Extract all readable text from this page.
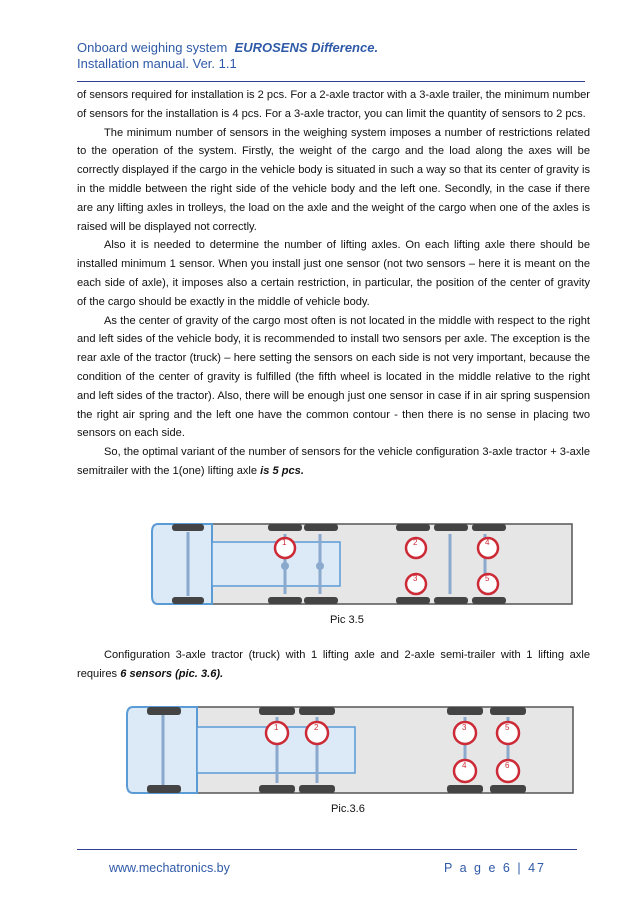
Onboard weighing system EUROSENS Difference.
Installation manual. Ver. 1.1

of sensors required for installation is 2 pcs. For a 2-axle tractor with a 3-axle trailer, the minimum number of sensors for the installation is 4 pcs. For a 3-axle tractor, you can limit the quantity of sensors to 2 pcs.

The minimum number of sensors in the weighing system imposes a number of restrictions related to the operation of the system. Firstly, the weight of the cargo and the load along the axes will be correctly displayed if the cargo in the vehicle body is situated in such a way so that its center of gravity is in the middle between the right side of the vehicle body and the left one. Secondly, in the case if there are any lifting axles in trolleys, the load on the axle and the weight of the cargo when one of the axles is raised will be displayed not correctly.

Also it is needed to determine the number of lifting axles. On each lifting axle there should be installed minimum 1 sensor. When you install just one sensor (not two sensors – here it is meant on the each side of axle), it imposes also a certain restriction, in particular, the position of the center of gravity of the cargo should be exactly in the middle of vehicle body.

As the center of gravity of the cargo most often is not located in the middle with respect to the right and left sides of the vehicle body, it is recommended to install two sensors per axle. The exception is the rear axle of the tractor (truck) – here setting the sensors on each side is not very important, because the condition of the center of gravity is fulfilled (the fifth wheel is located in the middle relative to the right and left sides of the tractor). Also, there will be enough just one sensor in case if in air spring suspension the right air spring and the left one have the common contour - then there is no sense in placing two sensors on each side.

So, the optimal variant of the number of sensors for the vehicle configuration 3-axle tractor + 3-axle semitrailer with the 1(one) lifting axle is 5 pcs.

1	2
3
4
5
Pic 3.5

Configuration 3-axle tractor (truck) with 1 lifting axle and 2-axle semi-trailer with 1 lifting axle requires 6 sensors (pic. 3.6).

1	2	3
4
5
6
Pic.3.6
www.mechatronics.by	P a g e 6 | 47
